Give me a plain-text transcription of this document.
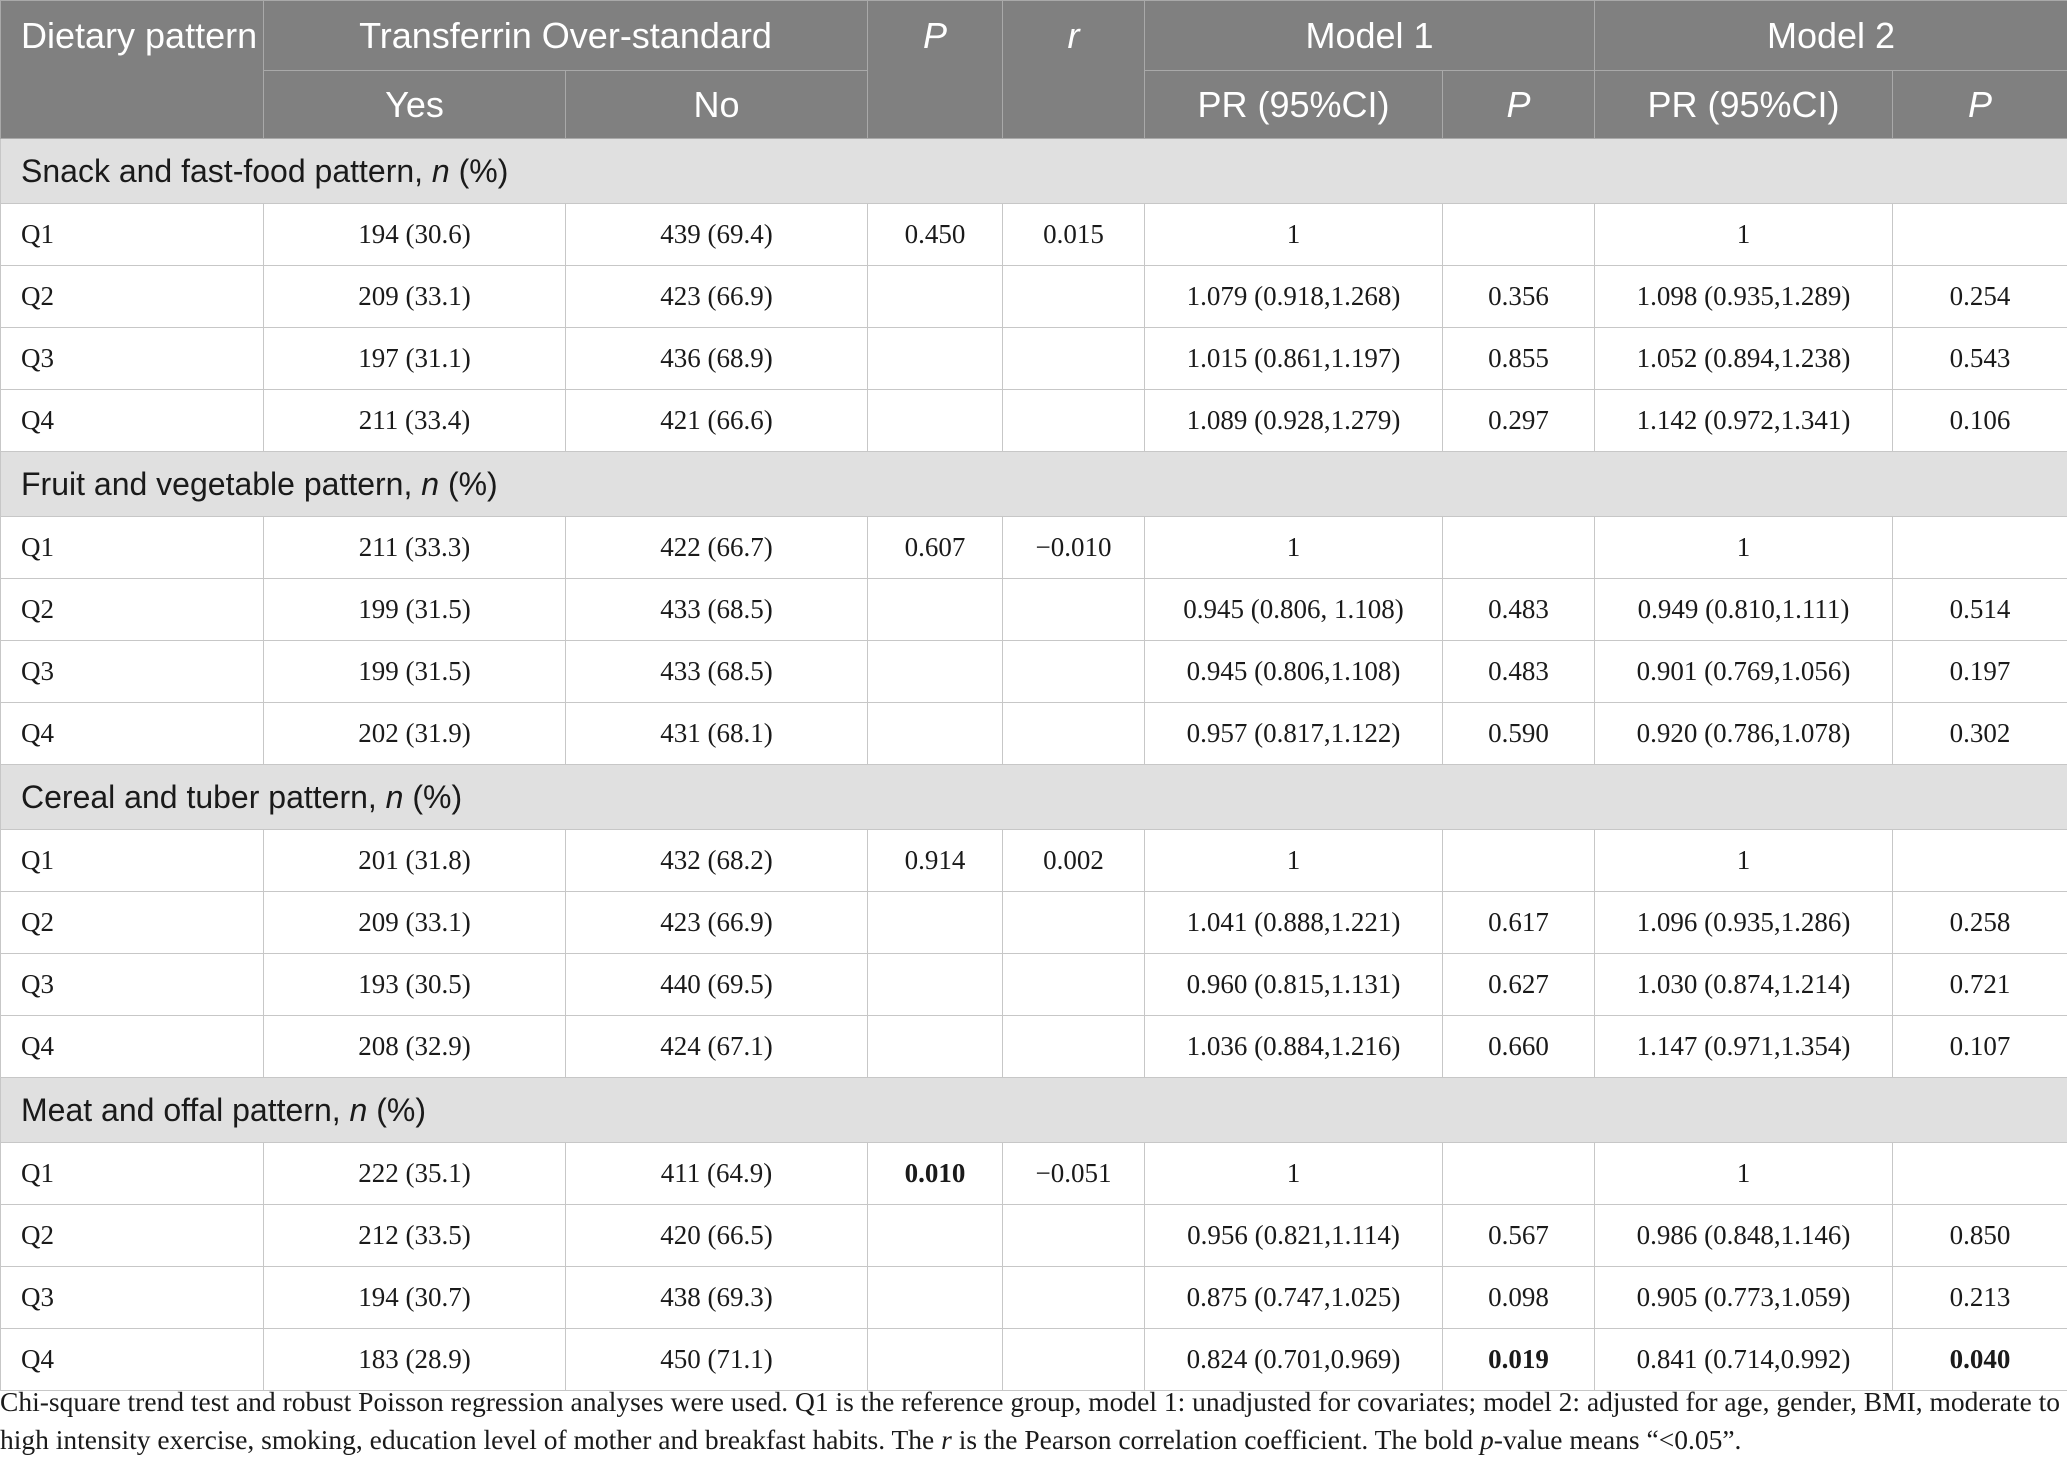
Dietary pattern	Transferrin Over-standard		P	r	Model 1		Model 2	
	Yes	No			PR (95%CI)	P	PR (95%CI)	P
Snack and fast-food pattern, n (%)								
Q1	194 (30.6)	439 (69.4)	0.450	0.015	1		1	
Q2	209 (33.1)	423 (66.9)			1.079 (0.918,1.268)	0.356	1.098 (0.935,1.289)	0.254
Q3	197 (31.1)	436 (68.9)			1.015 (0.861,1.197)	0.855	1.052 (0.894,1.238)	0.543
Q4	211 (33.4)	421 (66.6)			1.089 (0.928,1.279)	0.297	1.142 (0.972,1.341)	0.106
Fruit and vegetable pattern, n (%)								
Q1	211 (33.3)	422 (66.7)	0.607	−0.010	1		1	
Q2	199 (31.5)	433 (68.5)			0.945 (0.806, 1.108)	0.483	0.949 (0.810,1.111)	0.514
Q3	199 (31.5)	433 (68.5)			0.945 (0.806,1.108)	0.483	0.901 (0.769,1.056)	0.197
Q4	202 (31.9)	431 (68.1)			0.957 (0.817,1.122)	0.590	0.920 (0.786,1.078)	0.302
Cereal and tuber pattern, n (%)								
Q1	201 (31.8)	432 (68.2)	0.914	0.002	1		1	
Q2	209 (33.1)	423 (66.9)			1.041 (0.888,1.221)	0.617	1.096 (0.935,1.286)	0.258
Q3	193 (30.5)	440 (69.5)			0.960 (0.815,1.131)	0.627	1.030 (0.874,1.214)	0.721
Q4	208 (32.9)	424 (67.1)			1.036 (0.884,1.216)	0.660	1.147 (0.971,1.354)	0.107
Meat and offal pattern, n (%)								
Q1	222 (35.1)	411 (64.9)	0.010	−0.051	1		1	
Q2	212 (33.5)	420 (66.5)			0.956 (0.821,1.114)	0.567	0.986 (0.848,1.146)	0.850
Q3	194 (30.7)	438 (69.3)			0.875 (0.747,1.025)	0.098	0.905 (0.773,1.059)	0.213
Q4	183 (28.9)	450 (71.1)			0.824 (0.701,0.969)	0.019	0.841 (0.714,0.992)	0.040
Chi-square trend test and robust Poisson regression analyses were used. Q1 is the reference group, model 1: unadjusted for covariates; model 2: adjusted for age, gender, BMI, moderate to high intensity exercise, smoking, education level of mother and breakfast habits. The r is the Pearson correlation coefficient. The bold p-value means “<0.05”.
